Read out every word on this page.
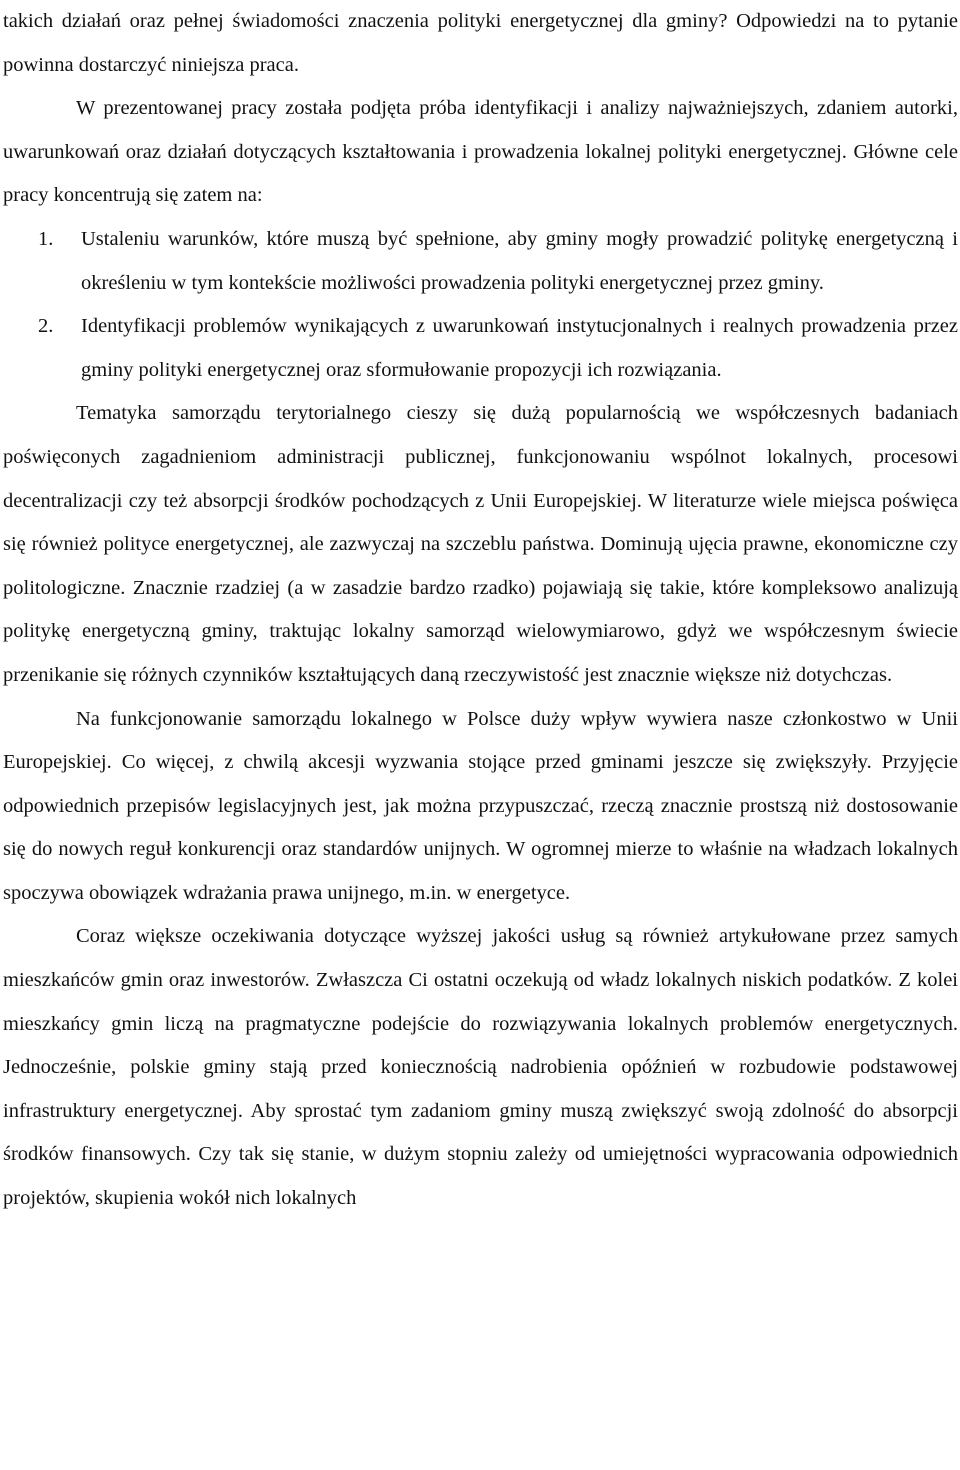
takich działań oraz pełnej świadomości znaczenia polityki energetycznej dla gminy? Odpowiedzi na to pytanie powinna dostarczyć niniejsza praca.

W prezentowanej pracy została podjęta próba identyfikacji i analizy najważniejszych, zdaniem autorki, uwarunkowań oraz działań dotyczących kształtowania i prowadzenia lokalnej polityki energetycznej. Główne cele pracy koncentrują się zatem na:

1. Ustaleniu warunków, które muszą być spełnione, aby gminy mogły prowadzić politykę energetyczną i określeniu w tym kontekście możliwości prowadzenia polityki energetycznej przez gminy.
2. Identyfikacji problemów wynikających z uwarunkowań instytucjonalnych i realnych prowadzenia przez gminy polityki energetycznej oraz sformułowanie propozycji ich rozwiązania.

Tematyka samorządu terytorialnego cieszy się dużą popularnością we współczesnych badaniach poświęconych zagadnieniom administracji publicznej, funkcjonowaniu wspólnot lokalnych, procesowi decentralizacji czy też absorpcji środków pochodzących z Unii Europejskiej. W literaturze wiele miejsca poświęca się również polityce energetycznej, ale zazwyczaj na szczeblu państwa. Dominują ujęcia prawne, ekonomiczne czy politologiczne. Znacznie rzadziej (a w zasadzie bardzo rzadko) pojawiają się takie, które kompleksowo analizują politykę energetyczną gminy, traktując lokalny samorząd wielowymiarowo, gdyż we współczesnym świecie przenikanie się różnych czynników kształtujących daną rzeczywistość jest znacznie większe niż dotychczas.

Na funkcjonowanie samorządu lokalnego w Polsce duży wpływ wywiera nasze członkostwo w Unii Europejskiej. Co więcej, z chwilą akcesji wyzwania stojące przed gminami jeszcze się zwiększyły. Przyjęcie odpowiednich przepisów legislacyjnych jest, jak można przypuszczać, rzeczą znacznie prostszą niż dostosowanie się do nowych reguł konkurencji oraz standardów unijnych. W ogromnej mierze to właśnie na władzach lokalnych spoczywa obowiązek wdrażania prawa unijnego, m.in. w energetyce.

Coraz większe oczekiwania dotyczące wyższej jakości usług są również artykułowane przez samych mieszkańców gmin oraz inwestorów. Zwłaszcza Ci ostatni oczekują od władz lokalnych niskich podatków. Z kolei mieszkańcy gmin liczą na pragmatyczne podejście do rozwiązywania lokalnych problemów energetycznych. Jednocześnie, polskie gminy stają przed koniecznością nadrobienia opóźnień w rozbudowie podstawowej infrastruktury energetycznej. Aby sprostać tym zadaniom gminy muszą zwiększyć swoją zdolność do absorpcji środków finansowych. Czy tak się stanie, w dużym stopniu zależy od umiejętności wypracowania odpowiednich projektów, skupienia wokół nich lokalnych
